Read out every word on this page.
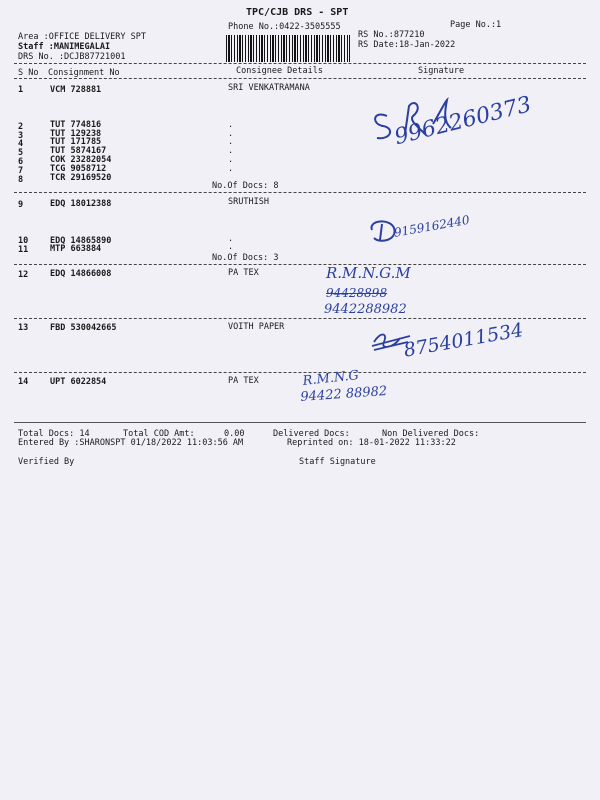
TPC/CJB DRS - SPT
Phone No.:0422-3505555	Page No.:1
Area :OFFICE DELIVERY SPT
Staff :MANIMEGALAI
DRS No. :DCJB87721001
RS No.:877210
RS Date:18-Jan-2022
S No Consignment No	Consignee Details	Signature
1	VCM 728881	SRI VENKATRAMANA
2	TUT 774816	.
3	TUT 129238	.
4	TUT 171785	.
5	TUT 5874167	.
6	COK 23282054	.
7	TCG 9058712	.
8	TCR 29169520
No.Of Docs: 8
9962260373
9	EDQ 18012388	SRUTHISH
10	EDQ 14865890	.
11	MTP 663884	.
No.Of Docs: 3
9159162440
12	EDQ 14866008	PA TEX	R.M.N.G.M
94428898
9442288982
13	FBD 530042665	VOITH PAPER	8754011534
14	UPT 6022854	PA TEX	R.M.N.G
94422 88982
Total Docs: 14	Total COD Amt:	0.00	Delivered Docs:	Non Delivered Docs:
Entered By :SHARONSPT 01/18/2022 11:03:56 AM	Reprinted on: 18-01-2022 11:33:22
Verified By	Staff Signature
